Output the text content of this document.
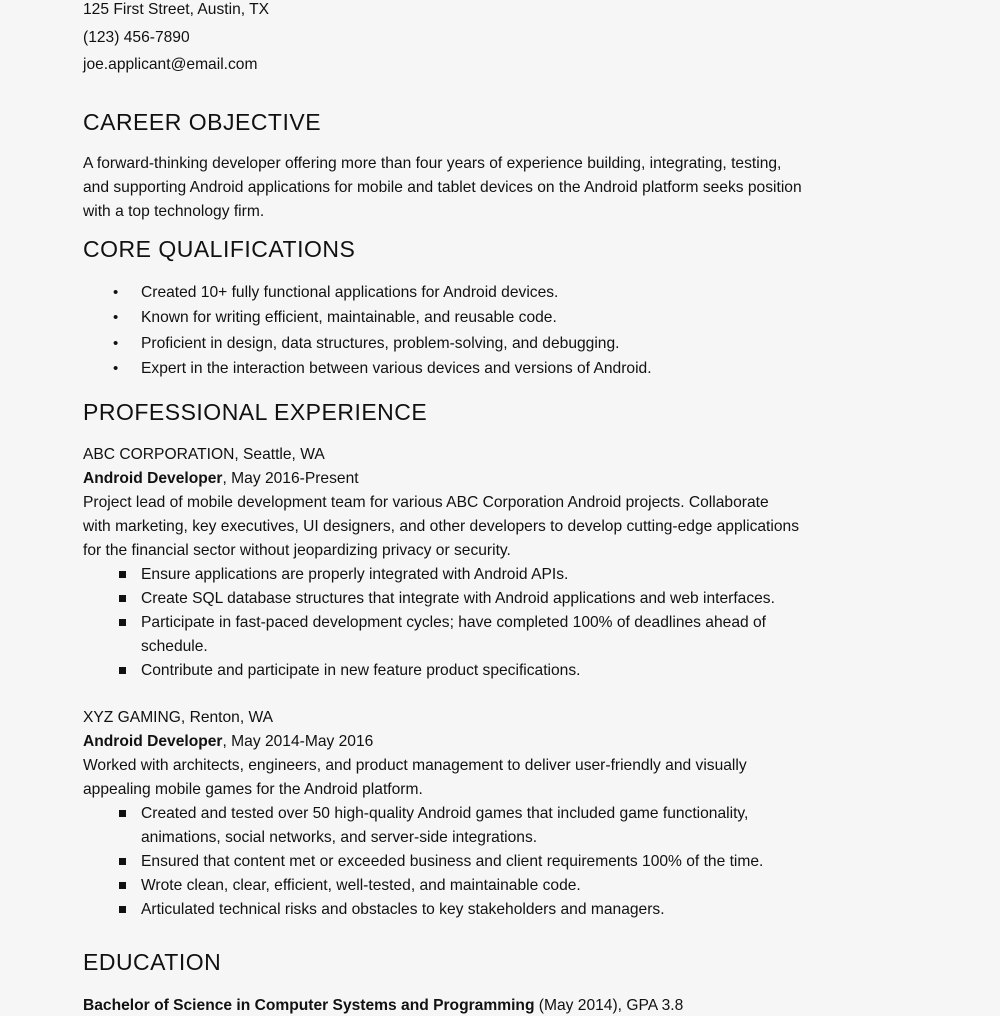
125 First Street, Austin, TX
(123) 456-7890
joe.applicant@email.com
CAREER OBJECTIVE
A forward-thinking developer offering more than four years of experience building, integrating, testing,
and supporting Android applications for mobile and tablet devices on the Android platform seeks position
with a top technology firm.
CORE QUALIFICATIONS
• Created 10+ fully functional applications for Android devices.
• Known for writing efficient, maintainable, and reusable code.
• Proficient in design, data structures, problem-solving, and debugging.
• Expert in the interaction between various devices and versions of Android.
PROFESSIONAL EXPERIENCE
ABC CORPORATION, Seattle, WA
Android Developer, May 2016-Present
Project lead of mobile development team for various ABC Corporation Android projects. Collaborate
with marketing, key executives, UI designers, and other developers to develop cutting-edge applications
for the financial sector without jeopardizing privacy or security.
Ensure applications are properly integrated with Android APIs.
Create SQL database structures that integrate with Android applications and web interfaces.
Participate in fast-paced development cycles; have completed 100% of deadlines ahead of
schedule.
Contribute and participate in new feature product specifications.
XYZ GAMING, Renton, WA
Android Developer, May 2014-May 2016
Worked with architects, engineers, and product management to deliver user-friendly and visually
appealing mobile games for the Android platform.
Created and tested over 50 high-quality Android games that included game functionality,
animations, social networks, and server-side integrations.
Ensured that content met or exceeded business and client requirements 100% of the time.
Wrote clean, clear, efficient, well-tested, and maintainable code.
Articulated technical risks and obstacles to key stakeholders and managers.
EDUCATION
Bachelor of Science in Computer Systems and Programming (May 2014), GPA 3.8
